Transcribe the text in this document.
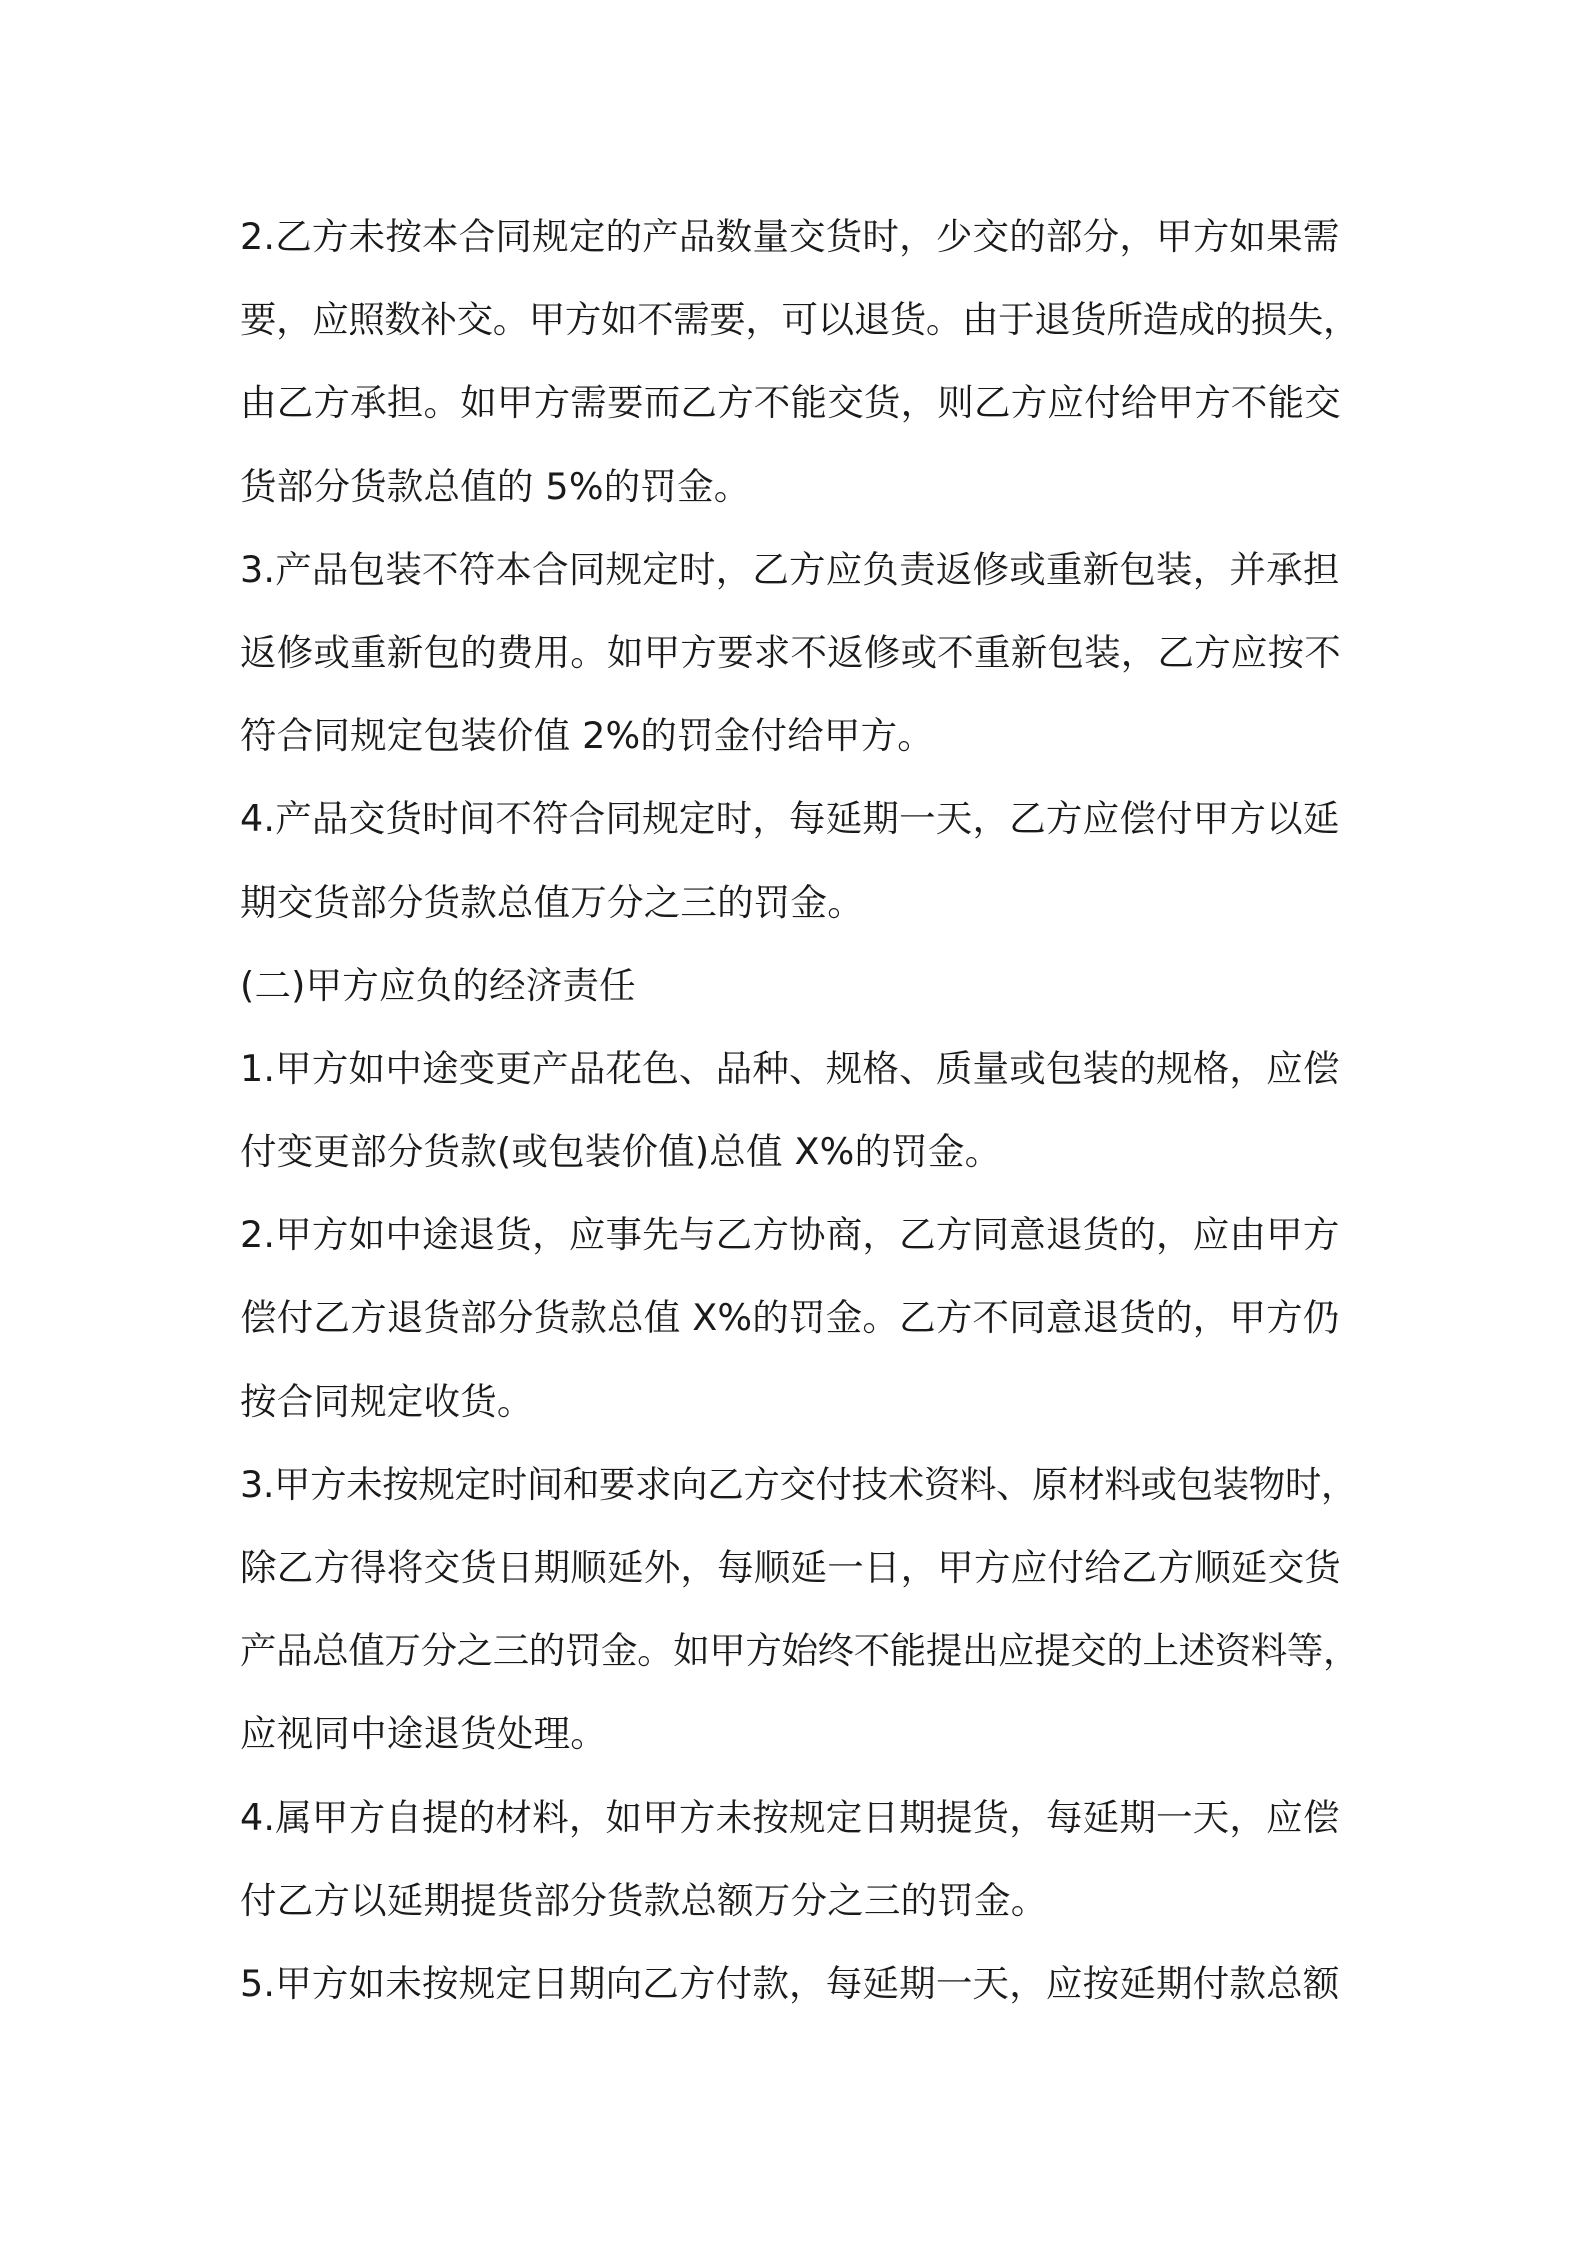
2.乙方未按本合同规定的产品数量交货时，少交的部分，甲方如果需
要，应照数补交。甲方如不需要，可以退货。由于退货所造成的损失，
由乙方承担。如甲方需要而乙方不能交货，则乙方应付给甲方不能交
货部分货款总值的 5%的罚金。
3.产品包装不符本合同规定时，乙方应负责返修或重新包装，并承担
返修或重新包的费用。如甲方要求不返修或不重新包装，乙方应按不
符合同规定包装价值 2%的罚金付给甲方。
4.产品交货时间不符合同规定时，每延期一天，乙方应偿付甲方以延
期交货部分货款总值万分之三的罚金。
(二)甲方应负的经济责任
1.甲方如中途变更产品花色、品种、规格、质量或包装的规格，应偿
付变更部分货款(或包装价值)总值 X%的罚金。
2.甲方如中途退货，应事先与乙方协商，乙方同意退货的，应由甲方
偿付乙方退货部分货款总值 X%的罚金。乙方不同意退货的，甲方仍
按合同规定收货。
3.甲方未按规定时间和要求向乙方交付技术资料、原材料或包装物时，
除乙方得将交货日期顺延外，每顺延一日，甲方应付给乙方顺延交货
产品总值万分之三的罚金。如甲方始终不能提出应提交的上述资料等，
应视同中途退货处理。
4.属甲方自提的材料，如甲方未按规定日期提货，每延期一天，应偿
付乙方以延期提货部分货款总额万分之三的罚金。
5.甲方如未按规定日期向乙方付款，每延期一天，应按延期付款总额
